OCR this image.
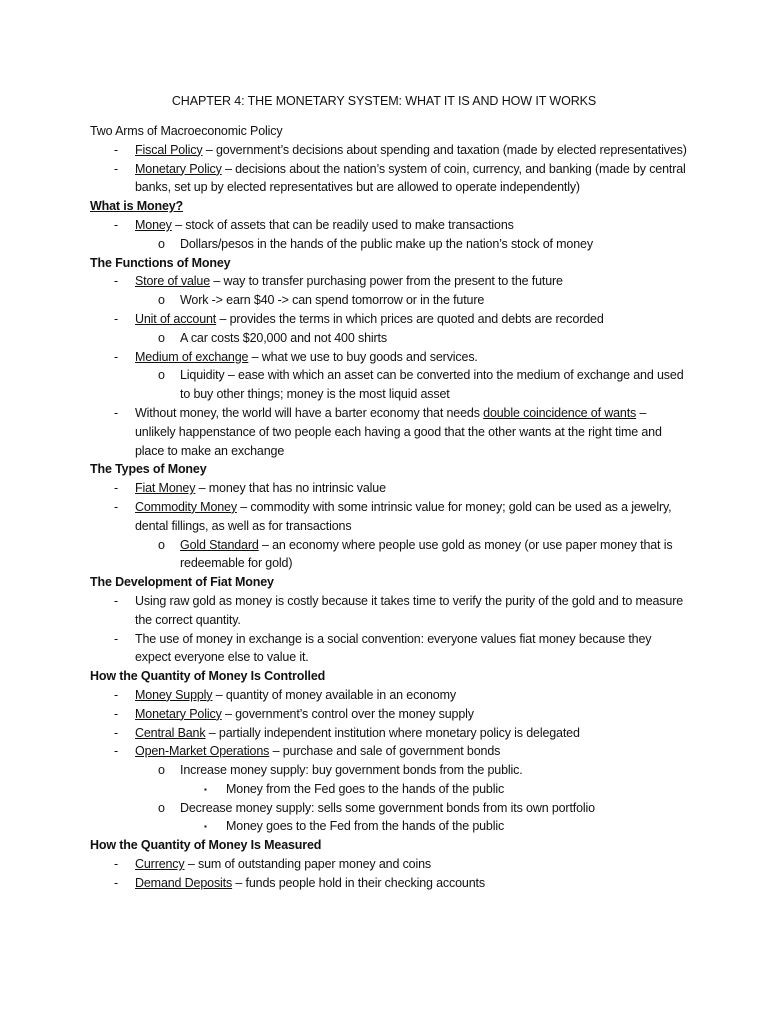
CHAPTER 4: THE MONETARY SYSTEM: WHAT IT IS AND HOW IT WORKS
Two Arms of Macroeconomic Policy
- Fiscal Policy – government’s decisions about spending and taxation (made by elected representatives)
- Monetary Policy – decisions about the nation’s system of coin, currency, and banking (made by central banks, set up by elected representatives but are allowed to operate independently)
What is Money?
- Money – stock of assets that can be readily used to make transactions
o Dollars/pesos in the hands of the public make up the nation’s stock of money
The Functions of Money
- Store of value – way to transfer purchasing power from the present to the future
o Work -> earn $40 -> can spend tomorrow or in the future
- Unit of account – provides the terms in which prices are quoted and debts are recorded
o A car costs $20,000 and not 400 shirts
- Medium of exchange – what we use to buy goods and services.
o Liquidity – ease with which an asset can be converted into the medium of exchange and used to buy other things; money is the most liquid asset
- Without money, the world will have a barter economy that needs double coincidence of wants – unlikely happenstance of two people each having a good that the other wants at the right time and place to make an exchange
The Types of Money
- Fiat Money – money that has no intrinsic value
- Commodity Money – commodity with some intrinsic value for money; gold can be used as a jewelry, dental fillings, as well as for transactions
o Gold Standard – an economy where people use gold as money (or use paper money that is redeemable for gold)
The Development of Fiat Money
- Using raw gold as money is costly because it takes time to verify the purity of the gold and to measure the correct quantity.
- The use of money in exchange is a social convention: everyone values fiat money because they expect everyone else to value it.
How the Quantity of Money Is Controlled
- Money Supply – quantity of money available in an economy
- Monetary Policy – government’s control over the money supply
- Central Bank – partially independent institution where monetary policy is delegated
- Open-Market Operations – purchase and sale of government bonds
o Increase money supply: buy government bonds from the public.
▪ Money from the Fed goes to the hands of the public
o Decrease money supply: sells some government bonds from its own portfolio
▪ Money goes to the Fed from the hands of the public
How the Quantity of Money Is Measured
- Currency – sum of outstanding paper money and coins
- Demand Deposits – funds people hold in their checking accounts
